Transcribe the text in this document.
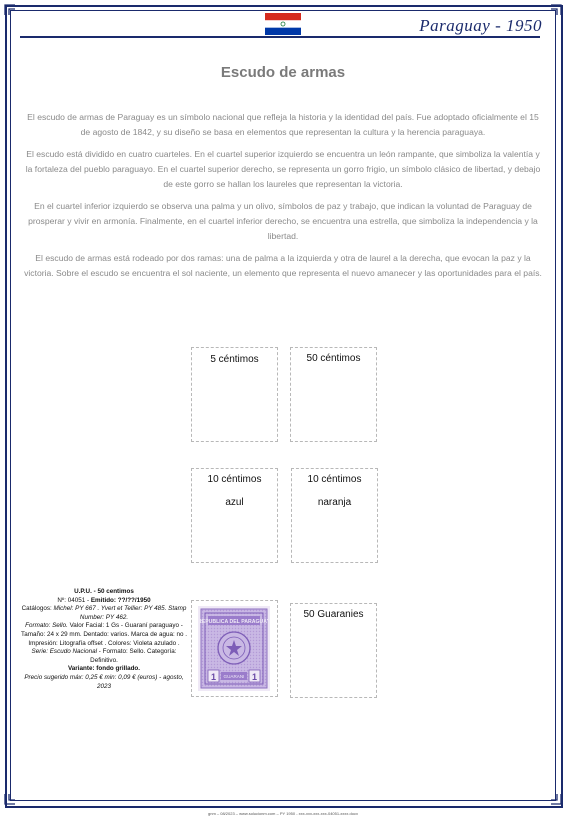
Paraguay - 1950
Escudo de armas

El escudo de armas de Paraguay es un símbolo nacional que refleja la historia y la identidad del país. Fue adoptado oficialmente el 15 de agosto de 1842, y su diseño se basa en elementos que representan la cultura y la herencia paraguaya.

El escudo está dividido en cuatro cuarteles. En el cuartel superior izquierdo se encuentra un león rampante, que simboliza la valentía y la fortaleza del pueblo paraguayo. En el cuartel superior derecho, se representa un gorro frigio, un símbolo clásico de libertad, y debajo de este gorro se hallan los laureles que representan la victoria.

En el cuartel inferior izquierdo se observa una palma y un olivo, símbolos de paz y trabajo, que indican la voluntad de Paraguay de prosperar y vivir en armonía. Finalmente, en el cuartel inferior derecho, se encuentra una estrella, que simboliza la independencia y la libertad.

El escudo de armas está rodeado por dos ramas: una de palma a la izquierda y otra de laurel a la derecha, que evocan la paz y la victoria. Sobre el escudo se encuentra el sol naciente, un elemento que representa el nuevo amanecer y las oportunidades para el país.

5 céntimos	50 céntimos
10 céntimos
azul
10 céntimos
naranja
U.P.U. - 50 centimos
Nº: 04051 - Emitido: ??/??/1950
Catálogos: Michel: PY 667 . Yvert et Tellier: PY 485. Stamp Number: PY 462.
Formato: Sello. Valor Facial: 1 Gs - Guaraní paraguayo - Tamaño: 24 x 29 mm. Dentado: varios. Marca de agua: no . Impresión: Litografía offset . Colores: Violeta azulado .
Serie: Escudo Nacional - Formato: Sello. Categoría: Definitivo.
Variante: fondo grillado.
Precio sugerido máx: 0,25 € min: 0,09 € (euros) - agosto, 2023
REPUBLICA DEL PARAGUAY
1	1
GUARANI
50 Guaranies
gnm – 08/2023 – www.solucionm.com – PY 1950 - xxx-xxx-xxx-xxx-04051-xxxx.docx
